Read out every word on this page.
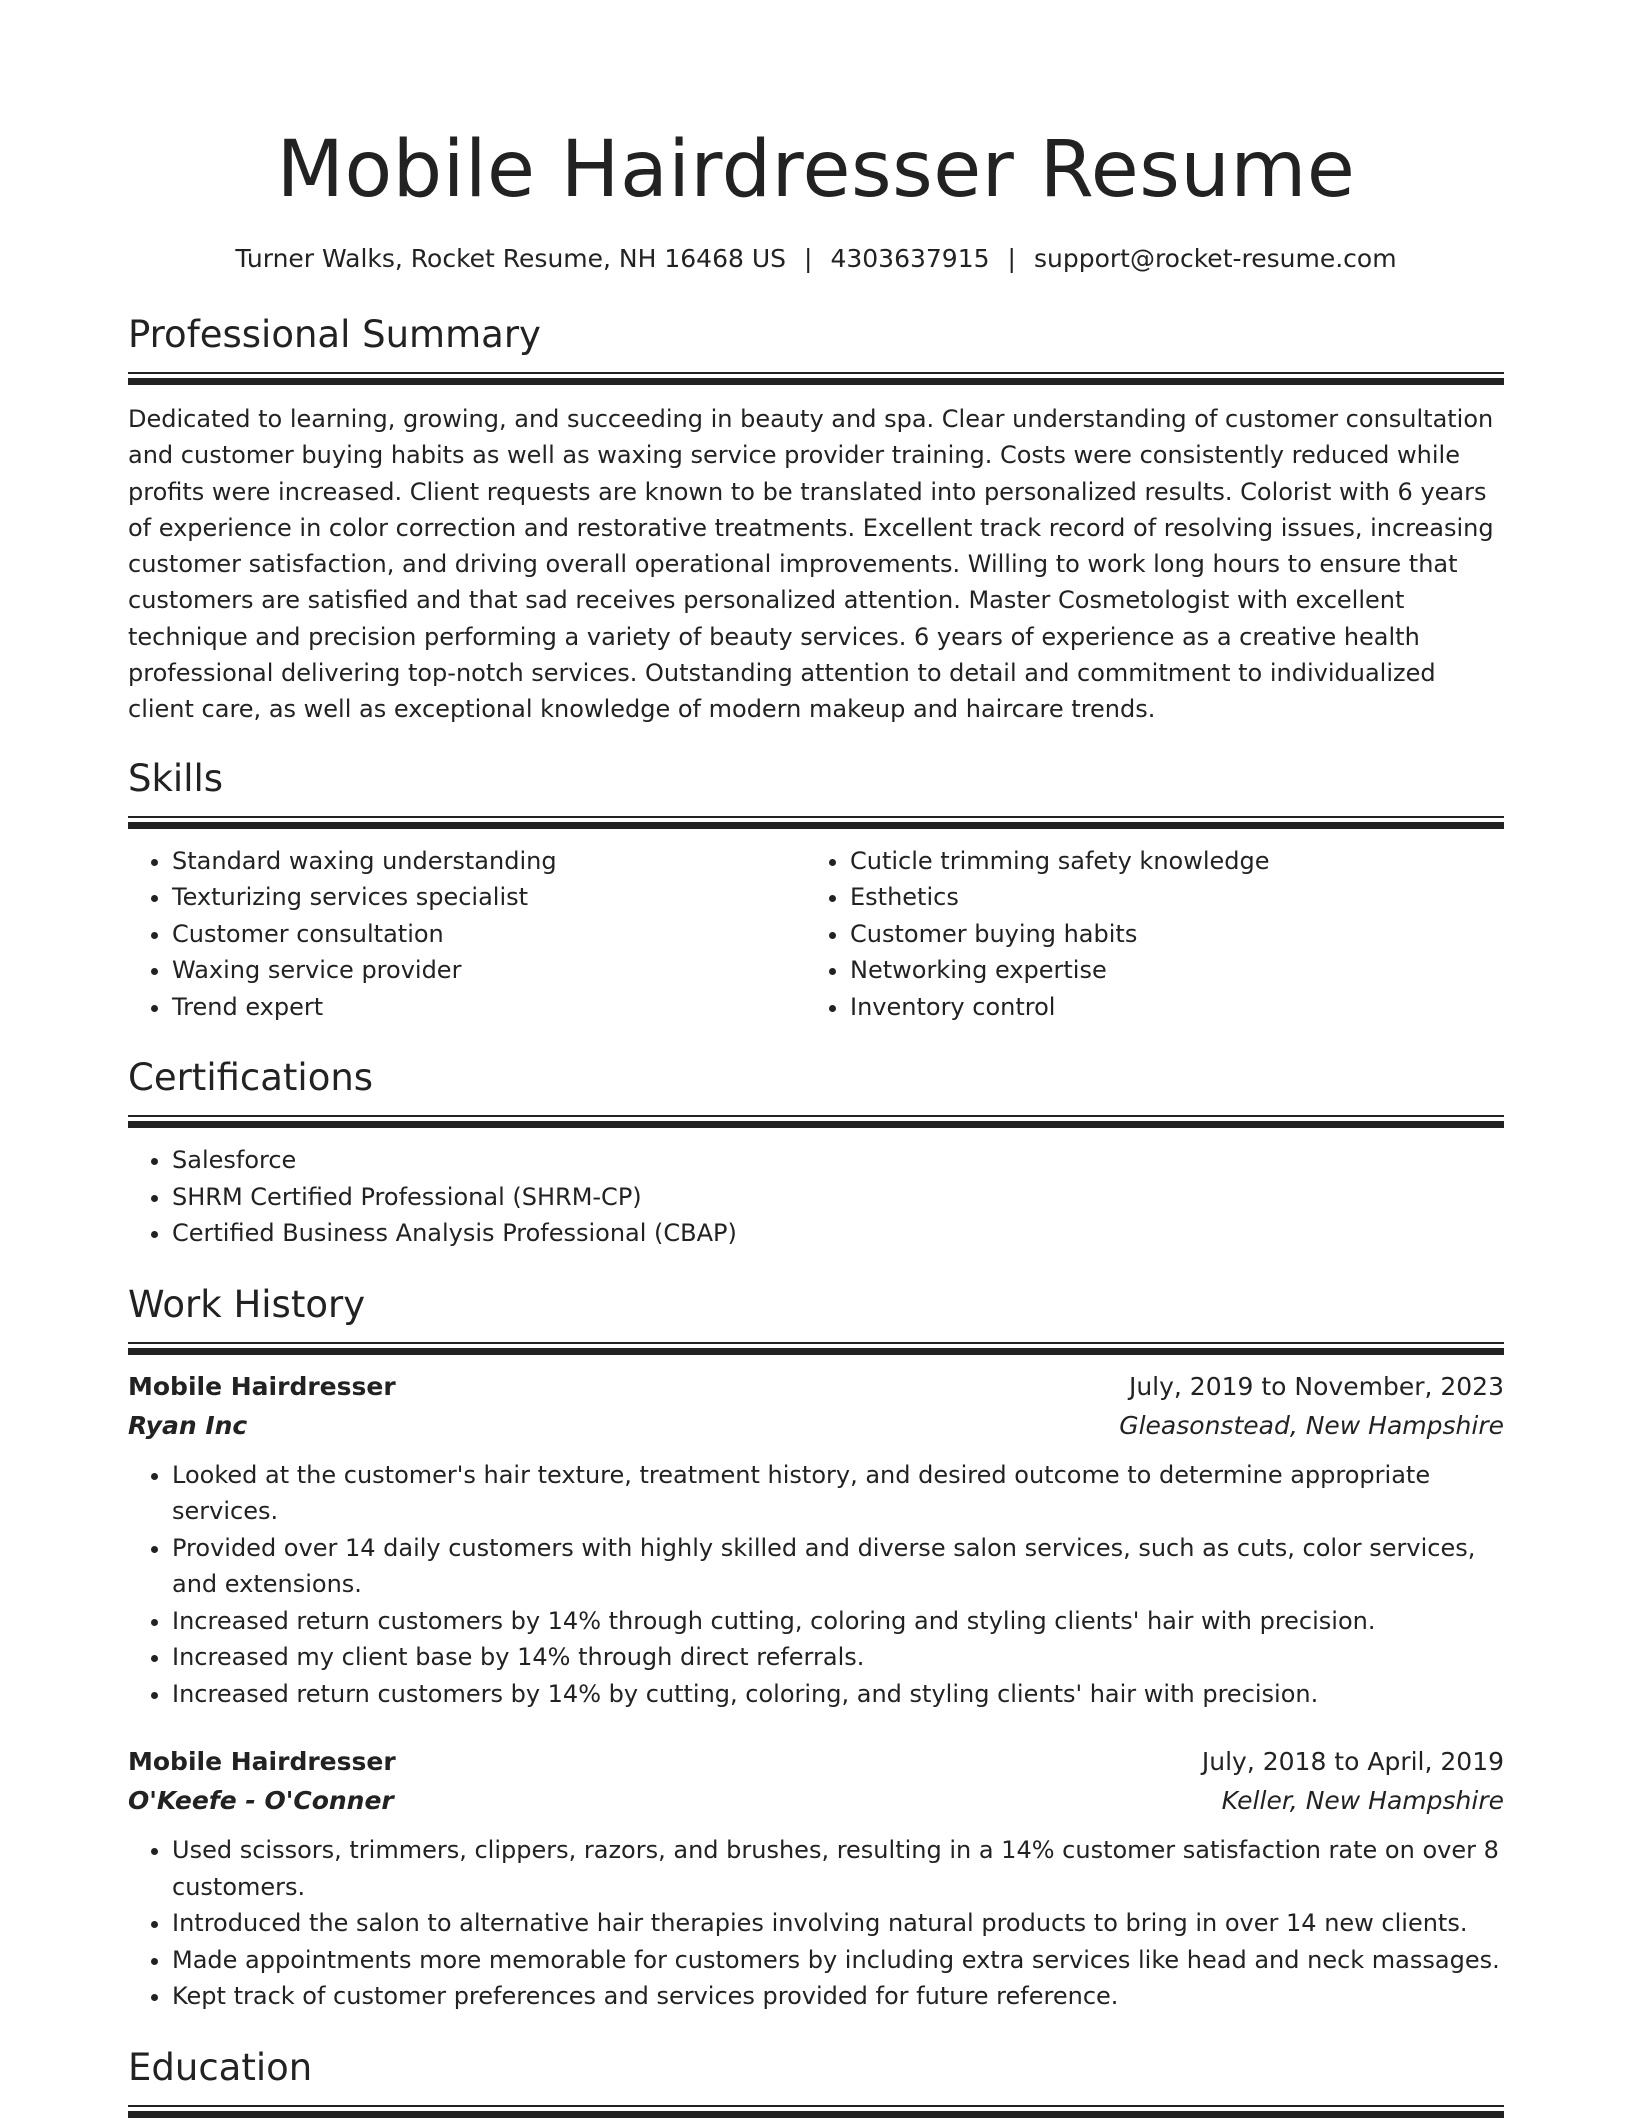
Mobile Hairdresser Resume
Turner Walks, Rocket Resume, NH 16468 US | 4303637915 | support@rocket-resume.com
Professional Summary
Dedicated to learning, growing, and succeeding in beauty and spa. Clear understanding of customer consultation and customer buying habits as well as waxing service provider training. Costs were consistently reduced while profits were increased. Client requests are known to be translated into personalized results. Colorist with 6 years of experience in color correction and restorative treatments. Excellent track record of resolving issues, increasing customer satisfaction, and driving overall operational improvements. Willing to work long hours to ensure that customers are satisfied and that sad receives personalized attention. Master Cosmetologist with excellent technique and precision performing a variety of beauty services. 6 years of experience as a creative health professional delivering top-notch services. Outstanding attention to detail and commitment to individualized client care, as well as exceptional knowledge of modern makeup and haircare trends.
Skills
• Standard waxing understanding
• Texturizing services specialist
• Customer consultation
• Waxing service provider
• Trend expert
• Cuticle trimming safety knowledge
• Esthetics
• Customer buying habits
• Networking expertise
• Inventory control
Certifications
• Salesforce
• SHRM Certified Professional (SHRM-CP)
• Certified Business Analysis Professional (CBAP)
Work History
Mobile Hairdresser	July, 2019 to November, 2023
Ryan Inc	Gleasonstead, New Hampshire
• Looked at the customer's hair texture, treatment history, and desired outcome to determine appropriate services.
• Provided over 14 daily customers with highly skilled and diverse salon services, such as cuts, color services, and extensions.
• Increased return customers by 14% through cutting, coloring and styling clients' hair with precision.
• Increased my client base by 14% through direct referrals.
• Increased return customers by 14% by cutting, coloring, and styling clients' hair with precision.
Mobile Hairdresser	July, 2018 to April, 2019
O'Keefe - O'Conner	Keller, New Hampshire
• Used scissors, trimmers, clippers, razors, and brushes, resulting in a 14% customer satisfaction rate on over 8 customers.
• Introduced the salon to alternative hair therapies involving natural products to bring in over 14 new clients.
• Made appointments more memorable for customers by including extra services like head and neck massages.
• Kept track of customer preferences and services provided for future reference.
Education
